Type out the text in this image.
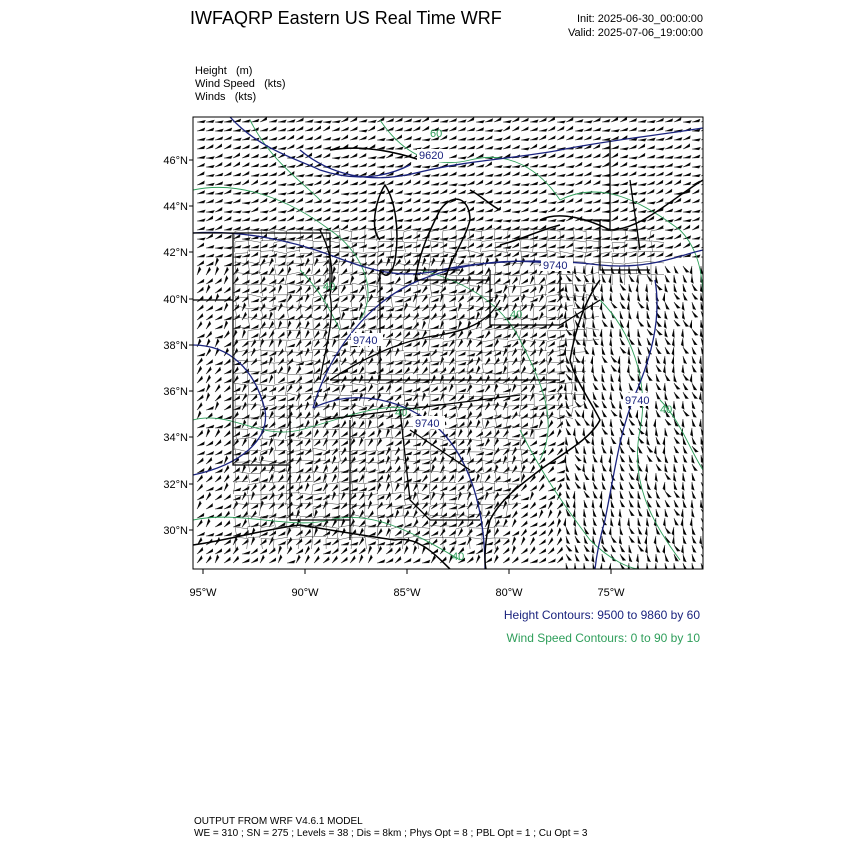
IWFAQRP Eastern US Real Time WRF	Init: 2025-06-30_00:00:00
Valid: 2025-07-06_19:00:00
Height (m)
Wind Speed (kts)
Winds (kts)
9620
9740
9740
9740
9740
60
40
40
40	40
40
46°N
44°N
42°N
40°N
38°N
36°N
34°N
32°N
30°N
95°W	90°W	85°W	80°W	75°W
Height Contours: 9500 to 9860 by 60
Wind Speed Contours: 0 to 90 by 10
OUTPUT FROM WRF V4.6.1 MODEL
WE = 310 ; SN = 275 ; Levels = 38 ; Dis = 8km ; Phys Opt = 8 ; PBL Opt = 1 ; Cu Opt = 3
